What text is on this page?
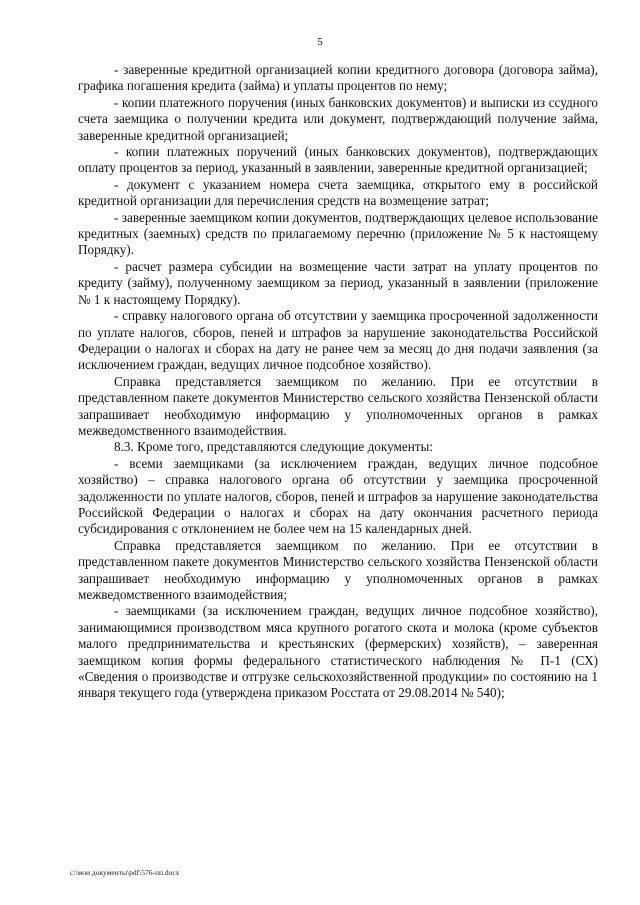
5

- заверенные кредитной организацией копии кредитного договора (договора займа), графика погашения кредита (займа) и уплаты процентов по нему;

- копии платежного поручения (иных банковских документов) и выписки из ссудного счета заемщика о получении кредита или документ, подтверждающий получение займа, заверенные кредитной организацией;

- копии платежных поручений (иных банковских документов), подтверждающих оплату процентов за период, указанный в заявлении, заверенные кредитной организацией;

- документ с указанием номера счета заемщика, открытого ему в российской кредитной организации для перечисления средств на возмещение затрат;

- заверенные заемщиком копии документов, подтверждающих целевое использование кредитных (заемных) средств по прилагаемому перечню (приложение № 5 к настоящему Порядку).

- расчет размера субсидии на возмещение части затрат на уплату процентов по кредиту (займу), полученному заемщиком за период, указанный в заявлении (приложение № 1 к настоящему Порядку).

- справку налогового органа об отсутствии у заемщика просроченной задолженности по уплате налогов, сборов, пеней и штрафов за нарушение законодательства Российской Федерации о налогах и сборах на дату не ранее чем за месяц до дня подачи заявления (за исключением граждан, ведущих личное подсобное хозяйство).

Справка представляется заемщиком по желанию. При ее отсутствии в представленном пакете документов Министерство сельского хозяйства Пензенской области запрашивает необходимую информацию у уполномоченных органов в рамках межведомственного взаимодействия.

8.3. Кроме того, представляются следующие документы:

- всеми заемщиками (за исключением граждан, ведущих личное подсобное хозяйство) – справка налогового органа об отсутствии у заемщика просроченной задолженности по уплате налогов, сборов, пеней и штрафов за нарушение законодательства Российской Федерации о налогах и сборах на дату окончания расчетного периода субсидирования с отклонением не более чем на 15 календарных дней.

Справка представляется заемщиком по желанию. При ее отсутствии в представленном пакете документов Министерство сельского хозяйства Пензенской области запрашивает необходимую информацию у уполномоченных органов в рамках межведомственного взаимодействия;

- заемщиками (за исключением граждан, ведущих личное подсобное хозяйство), занимающимися производством мяса крупного рогатого скота и молока (кроме субъектов малого предпринимательства и крестьянских (фермерских) хозяйств), – заверенная заемщиком копия формы федерального статистического наблюдения № П-1 (СХ) «Сведения о производстве и отгрузке сельскохозяйственной продукции» по состоянию на 1 января текущего года (утверждена приказом Росстата от 29.08.2014 № 540);

c:\мои документы\pdf\576-пп.docx
